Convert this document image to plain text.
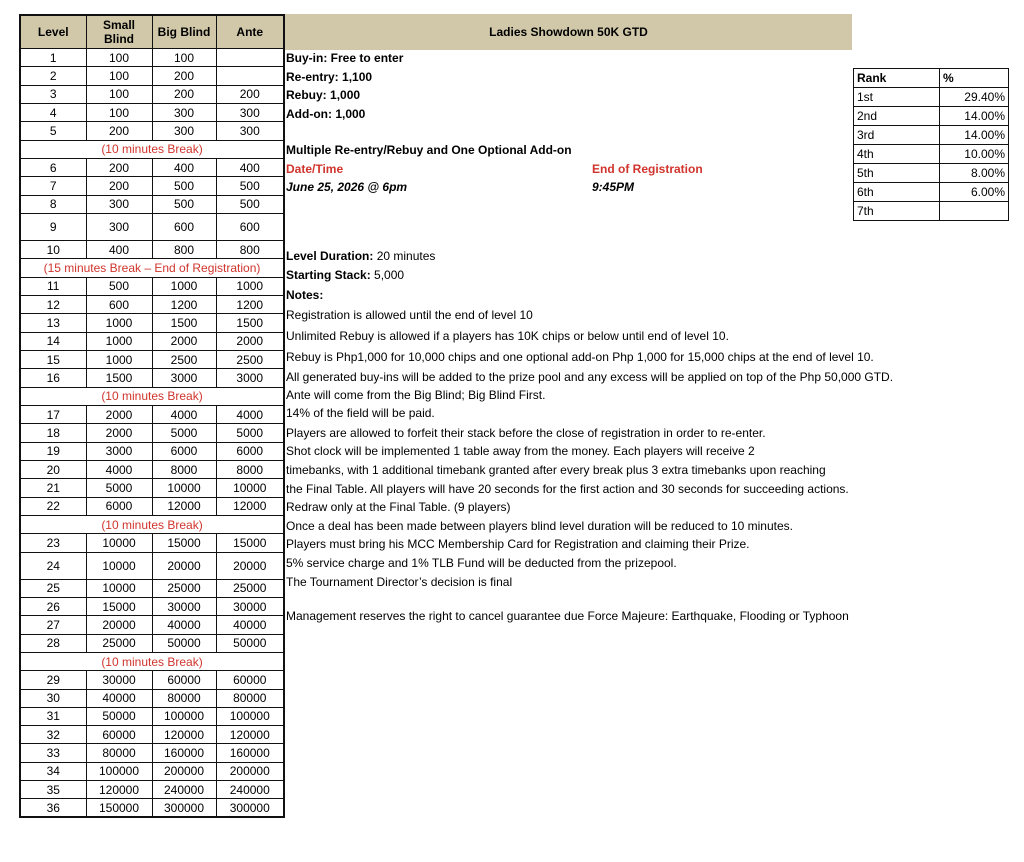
Level	Small Blind	Big Blind	Ante
1	100	100	
2	100	200	
3	100	200	200
4	100	300	300
5	200	300	300
(10 minutes Break)			
6	200	400	400
7	200	500	500
8	300	500	500
9	300	600	600
10	400	800	800
(15 minutes Break – End of Registration)			
11	500	1000	1000
12	600	1200	1200
13	1000	1500	1500
14	1000	2000	2000
15	1000	2500	2500
16	1500	3000	3000
(10 minutes Break)			
17	2000	4000	4000
18	2000	5000	5000
19	3000	6000	6000
20	4000	8000	8000
21	5000	10000	10000
22	6000	12000	12000
(10 minutes Break)			
23	10000	15000	15000
24	10000	20000	20000
25	10000	25000	25000
26	15000	30000	30000
27	20000	40000	40000
28	25000	50000	50000
(10 minutes Break)			
29	30000	60000	60000
30	40000	80000	80000
31	50000	100000	100000
32	60000	120000	120000
33	80000	160000	160000
34	100000	200000	200000
35	120000	240000	240000
36	150000	300000	300000
Ladies Showdown 50K GTD
Buy-in: Free to enter
Re-entry: 1,100
Rebuy: 1,000
Add-on: 1,000
Multiple Re-entry/Rebuy and One Optional Add-on
Date/Time	End of Registration
June 25, 2026 @ 6pm	9:45PM
Level Duration: 20 minutes
Starting Stack: 5,000
Notes:
Registration is allowed until the end of level 10
Unlimited Rebuy is allowed if a players has 10K chips or below until end of level 10.
Rebuy is Php1,000 for 10,000 chips and one optional add-on Php 1,000 for 15,000 chips at the end of level 10.
All generated buy-ins will be added to the prize pool and any excess will be applied on top of the Php 50,000 GTD.
Ante will come from the Big Blind; Big Blind First.
14% of the field will be paid.
Players are allowed to forfeit their stack before the close of registration in order to re-enter.
Shot clock will be implemented 1 table away from the money. Each players will receive 2
timebanks, with 1 additional timebank granted after every break plus 3 extra timebanks upon reaching
the Final Table. All players will have 20 seconds for the first action and 30 seconds for succeeding actions.
Redraw only at the Final Table. (9 players)
Once a deal has been made between players blind level duration will be reduced to 10 minutes.
Players must bring his MCC Membership Card for Registration and claiming their Prize.
5% service charge and 1% TLB Fund will be deducted from the prizepool.
The Tournament Director’s decision is final
Management reserves the right to cancel guarantee due Force Majeure: Earthquake, Flooding or Typhoon
Rank	%
1st	29.40%
2nd	14.00%
3rd	14.00%
4th	10.00%
5th	8.00%
6th	6.00%
7th	
